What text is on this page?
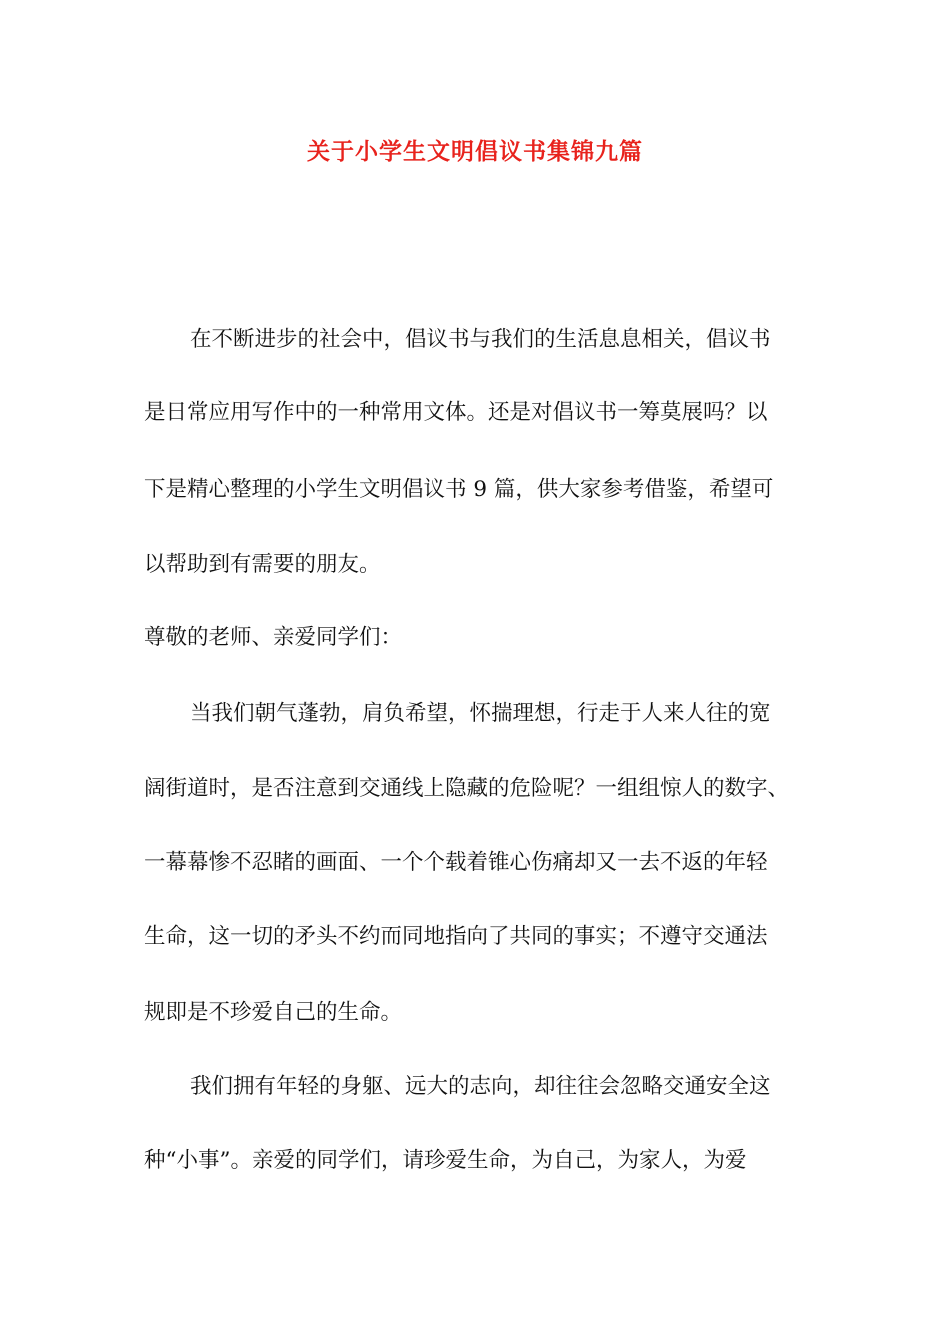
关于小学生文明倡议书集锦九篇

在不断进步的社会中，倡议书与我们的生活息息相关，倡议书

是日常应用写作中的一种常用文体。还是对倡议书一筹莫展吗？以

下是精心整理的小学生文明倡议书 9 篇，供大家参考借鉴，希望可

以帮助到有需要的朋友。

尊敬的老师、亲爱同学们：

当我们朝气蓬勃，肩负希望，怀揣理想，行走于人来人往的宽

阔街道时，是否注意到交通线上隐藏的危险呢？一组组惊人的数字、

一幕幕惨不忍睹的画面、一个个载着锥心伤痛却又一去不返的年轻

生命，这一切的矛头不约而同地指向了共同的事实；不遵守交通法

规即是不珍爱自己的生命。

我们拥有年轻的身躯、远大的志向，却往往会忽略交通安全这

种“小事”。亲爱的同学们，请珍爱生命，为自己，为家人，为爱
